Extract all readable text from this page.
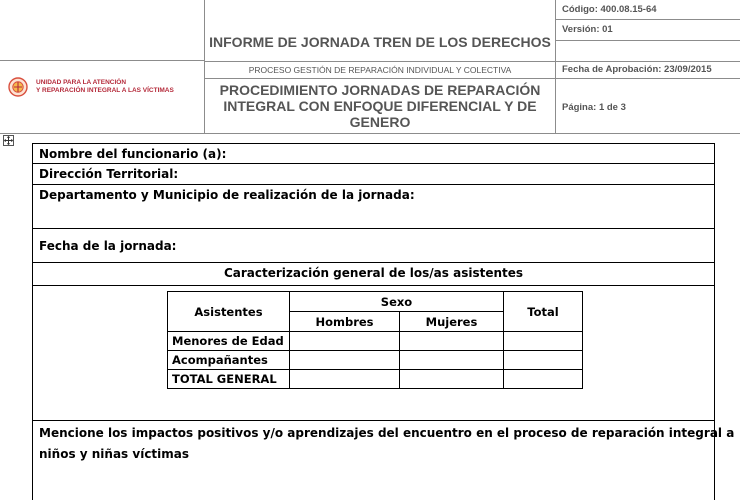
INFORME DE JORNADA TREN DE LOS DERECHOS
PROCESO GESTIÓN DE REPARACIÓN INDIVIDUAL Y COLECTIVA
PROCEDIMIENTO JORNADAS DE REPARACIÓN INTEGRAL CON ENFOQUE DIFERENCIAL Y DE GENERO
Código: 400.08.15-64
Versión: 01
Fecha de Aprobación: 23/09/2015
Página: 1 de 3
UNIDAD PARA LA ATENCIÓN
Y REPARACIÓN INTEGRAL A LAS VÍCTIMAS
Nombre del funcionario (a):
Dirección Territorial:
Departamento y Municipio de realización de la jornada:
Fecha de la jornada:
Caracterización general de los/as asistentes
Mencione los impactos positivos y/o aprendizajes del encuentro en el proceso de reparación integral a
niños y niñas víctimas
Asistentes	Sexo		Total
	Hombres	Mujeres	
Menores de Edad			
Acompañantes			
TOTAL GENERAL			
